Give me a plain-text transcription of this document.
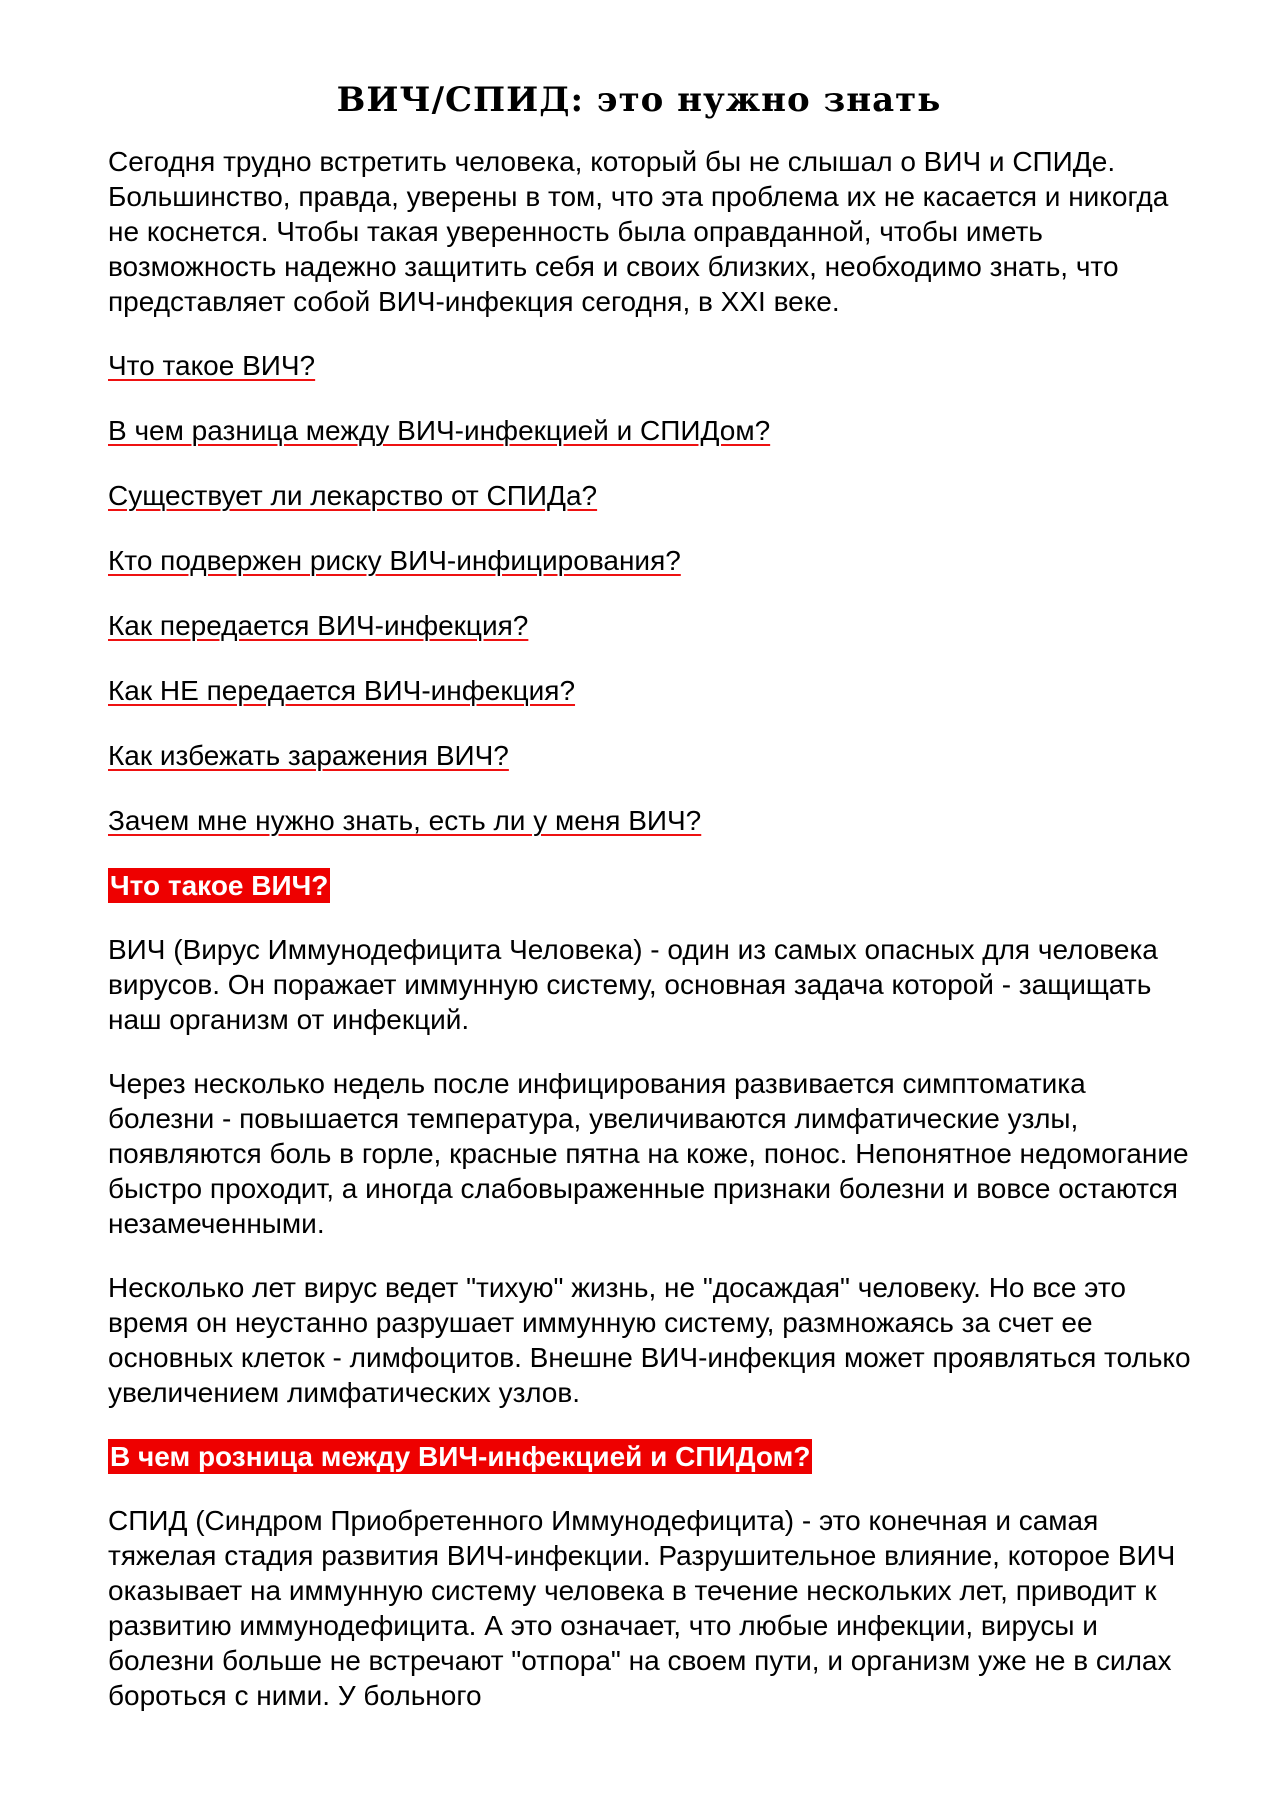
ВИЧ/СПИД: это нужно знать

Сегодня трудно встретить человека, который бы не слышал о ВИЧ и СПИДе. Большинство, правда, уверены в том, что эта проблема их не касается и никогда не коснется. Чтобы такая уверенность была оправданной, чтобы иметь возможность надежно защитить себя и своих близких, необходимо знать, что представляет собой ВИЧ-инфекция сегодня, в XXI веке.

Что такое ВИЧ?
В чем разница между ВИЧ-инфекцией и СПИДом?
Существует ли лекарство от СПИДа?
Кто подвержен риску ВИЧ-инфицирования?
Как передается ВИЧ-инфекция?
Как НЕ передается ВИЧ-инфекция?
Как избежать заражения ВИЧ?
Зачем мне нужно знать, есть ли у меня ВИЧ?
Что такое ВИЧ?

ВИЧ (Вирус Иммунодефицита Человека) - один из самых опасных для человека вирусов. Он поражает иммунную систему, основная задача которой - защищать наш организм от инфекций.

Через несколько недель после инфицирования развивается симптоматика болезни - повышается температура, увеличиваются лимфатические узлы, появляются боль в горле, красные пятна на коже, понос. Непонятное недомогание быстро проходит, а иногда слабовыраженные признаки болезни и вовсе остаются незамеченными.

Несколько лет вирус ведет "тихую" жизнь, не "досаждая" человеку. Но все это время он неустанно разрушает иммунную систему, размножаясь за счет ее основных клеток - лимфоцитов. Внешне ВИЧ-инфекция может проявляться только увеличением лимфатических узлов.

В чем розница между ВИЧ-инфекцией и СПИДом?

СПИД (Синдром Приобретенного Иммунодефицита) - это конечная и самая тяжелая стадия развития ВИЧ-инфекции. Разрушительное влияние, которое ВИЧ оказывает на иммунную систему человека в течение нескольких лет, приводит к развитию иммунодефицита. А это означает, что любые инфекции, вирусы и болезни больше не встречают "отпора" на своем пути, и организм уже не в силах бороться с ними. У больного
